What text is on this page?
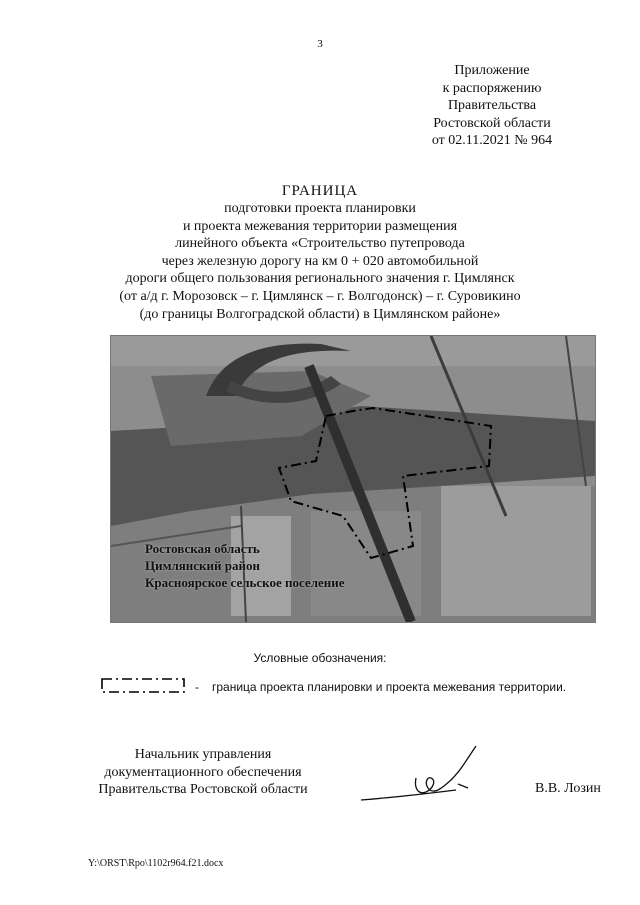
3
Приложение
к распоряжению
Правительства
Ростовской области
от 02.11.2021 № 964
ГРАНИЦА
подготовки проекта планировки
и проекта межевания территории размещения
линейного объекта «Строительство путепровода
через железную дорогу на км 0 + 020 автомобильной
дороги общего пользования регионального значения г. Цимлянск
(от а/д г. Морозовск – г. Цимлянск – г. Волгодонск) – г. Суровикино
(до границы Волгоградской области) в Цимлянском районе»
Ростовская область
Цимлянский район
Красноярское сельское поселение
Условные обозначения:
- граница проекта планировки и проекта межевания территории.
Начальник управления
документационного обеспечения
Правительства Ростовской области	В.В. Лозин
Y:\ORST\Rpo\1102r964.f21.docx
